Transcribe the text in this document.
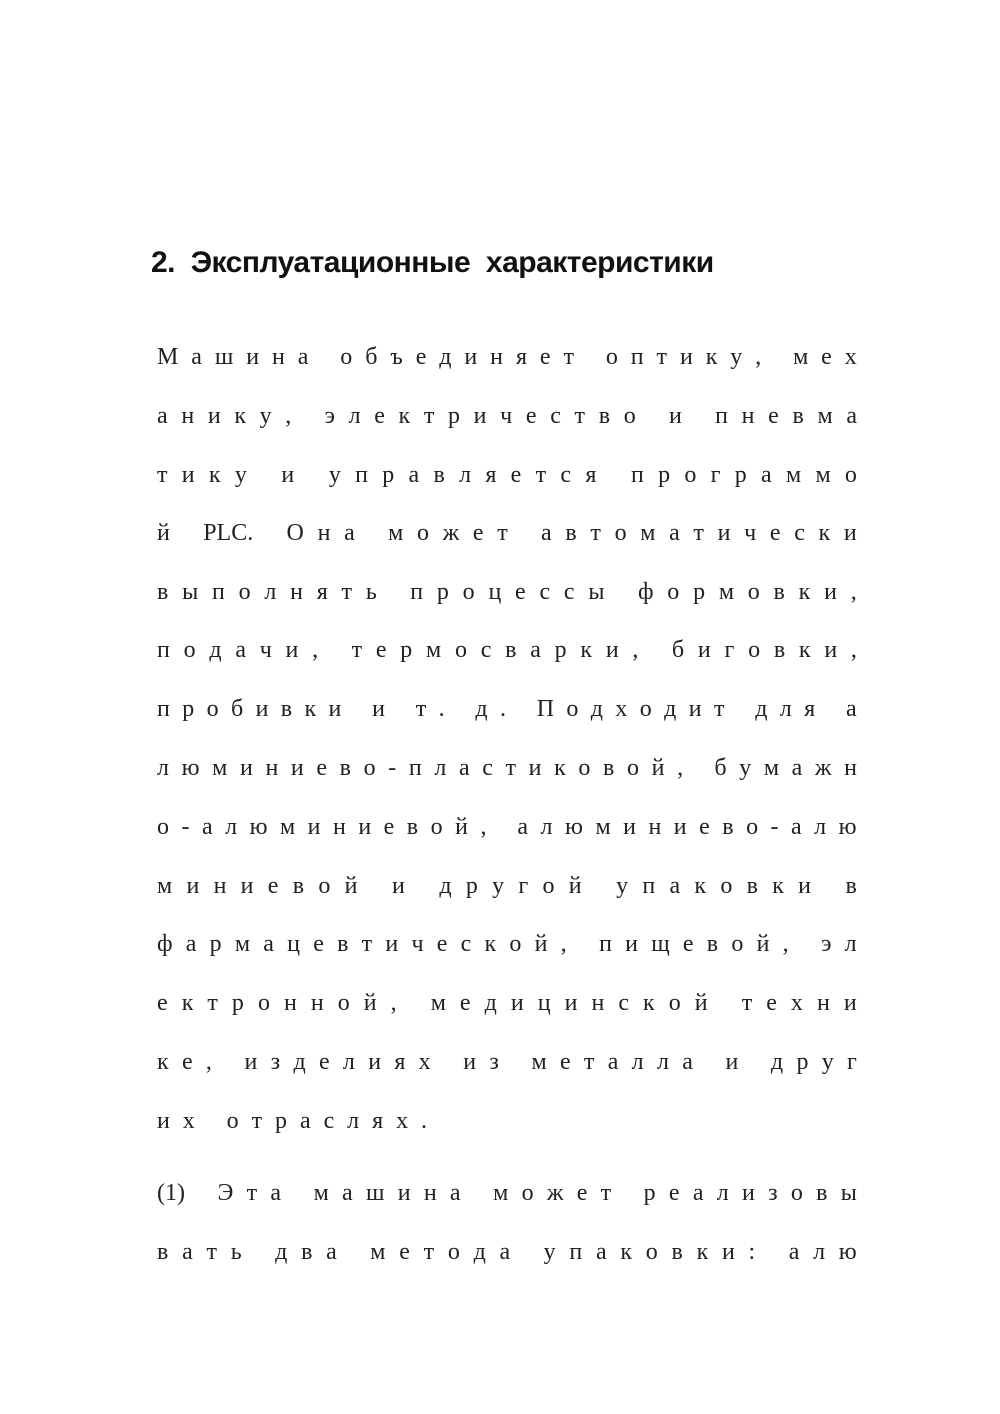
2.  Эксплуатационные  характеристики
М а ш и н а
о б ъ е д и н я е т
о п т и к у ,
м е х
а н и к у ,
э л е к т р и ч е с т в о
и
п н е в м а
т и к у
и
у п р а в л я е т с я
п р о г р а м м о
й
PLC.
О н а
м о ж е т
а в т о м а т и ч е с к и
в ы п о л н я т ь
п р о ц е с с ы
ф о р м о в к и ,
п о д а ч и ,
т е р м о с в а р к и ,
б и г о в к и ,
п р о б и в к и
и
т .
д .
П о д х о д и т
д л я
а
л ю м и н и е в о - п л а с т и к о в о й ,
б у м а ж н
о - а л ю м и н и е в о й ,
а л ю м и н и е в о - а л ю
м и н и е в о й
и
д р у г о й
у п а к о в к и
в
ф а р м а ц е в т и ч е с к о й ,
п и щ е в о й ,
э л
е к т р о н н о й ,
м е д и ц и н с к о й
т е х н и
к е ,
и з д е л и я х
и з
м е т а л л а
и
д р у г
и х
о т р а с л я х .
(1)
Э т а
м а ш и н а
м о ж е т
р е а л и з о в ы
в а т ь
д в а
м е т о д а
у п а к о в к и :
а л ю
